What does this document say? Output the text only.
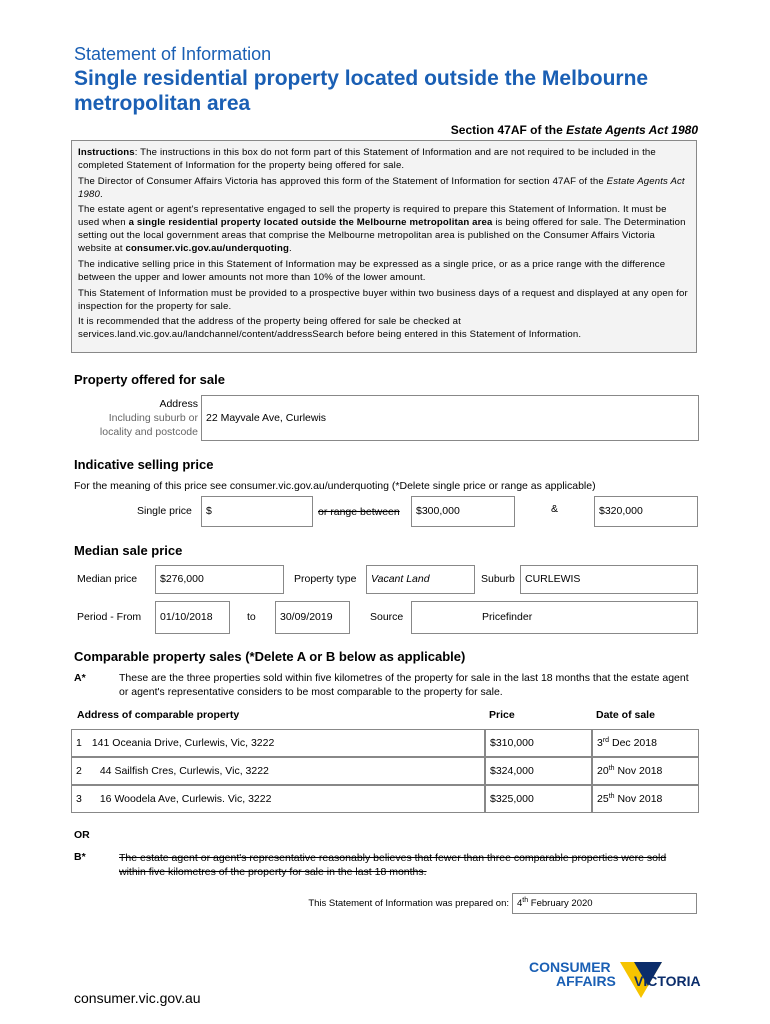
Statement of Information
Single residential property located outside the Melbourne metropolitan area
Section 47AF of the Estate Agents Act 1980

Instructions: The instructions in this box do not form part of this Statement of Information and are not required to be included in the completed Statement of Information for the property being offered for sale.

The Director of Consumer Affairs Victoria has approved this form of the Statement of Information for section 47AF of the Estate Agents Act 1980.

The estate agent or agent's representative engaged to sell the property is required to prepare this Statement of Information. It must be used when a single residential property located outside the Melbourne metropolitan area is being offered for sale. The Determination setting out the local government areas that comprise the Melbourne metropolitan area is published on the Consumer Affairs Victoria website at consumer.vic.gov.au/underquoting.

The indicative selling price in this Statement of Information may be expressed as a single price, or as a price range with the difference between the upper and lower amounts not more than 10% of the lower amount.

This Statement of Information must be provided to a prospective buyer within two business days of a request and displayed at any open for inspection for the property for sale.

It is recommended that the address of the property being offered for sale be checked at services.land.vic.gov.au/landchannel/content/addressSearch before being entered in this Statement of Information.

Property offered for sale
Address
Including suburb or
locality and postcode
22 Mayvale Ave, Curlewis
Indicative selling price
For the meaning of this price see consumer.vic.gov.au/underquoting (*Delete single price or range as applicable)
Single price	$	or range between	$300,000	&	$320,000
Median sale price
Median price	$276,000	Property type	Vacant Land	Suburb CURLEWIS
Period - From	01/10/2018	to	30/09/2019	Source	Pricefinder
Comparable property sales (*Delete A or B below as applicable)
A*	These are the three properties sold within five kilometres of the property for sale in the last 18 months that the estate agent or agent's representative considers to be most comparable to the property for sale.
Address of comparable property	Price	Date of sale
1 141 Oceania Drive, Curlewis, Vic, 3222	$310,000	3rd Dec 2018
2 44 Sailfish Cres, Curlewis, Vic, 3222	$324,000	20th Nov 2018
3 16 Woodela Ave, Curlewis. Vic, 3222	$325,000	25th Nov 2018
OR
B*	The estate agent or agent's representative reasonably believes that fewer than three comparable properties were sold within five kilometres of the property for sale in the last 18 months.
This Statement of Information was prepared on: 4th February 2020
CONSUMER
AFFAIRS VICTORIA
consumer.vic.gov.au
